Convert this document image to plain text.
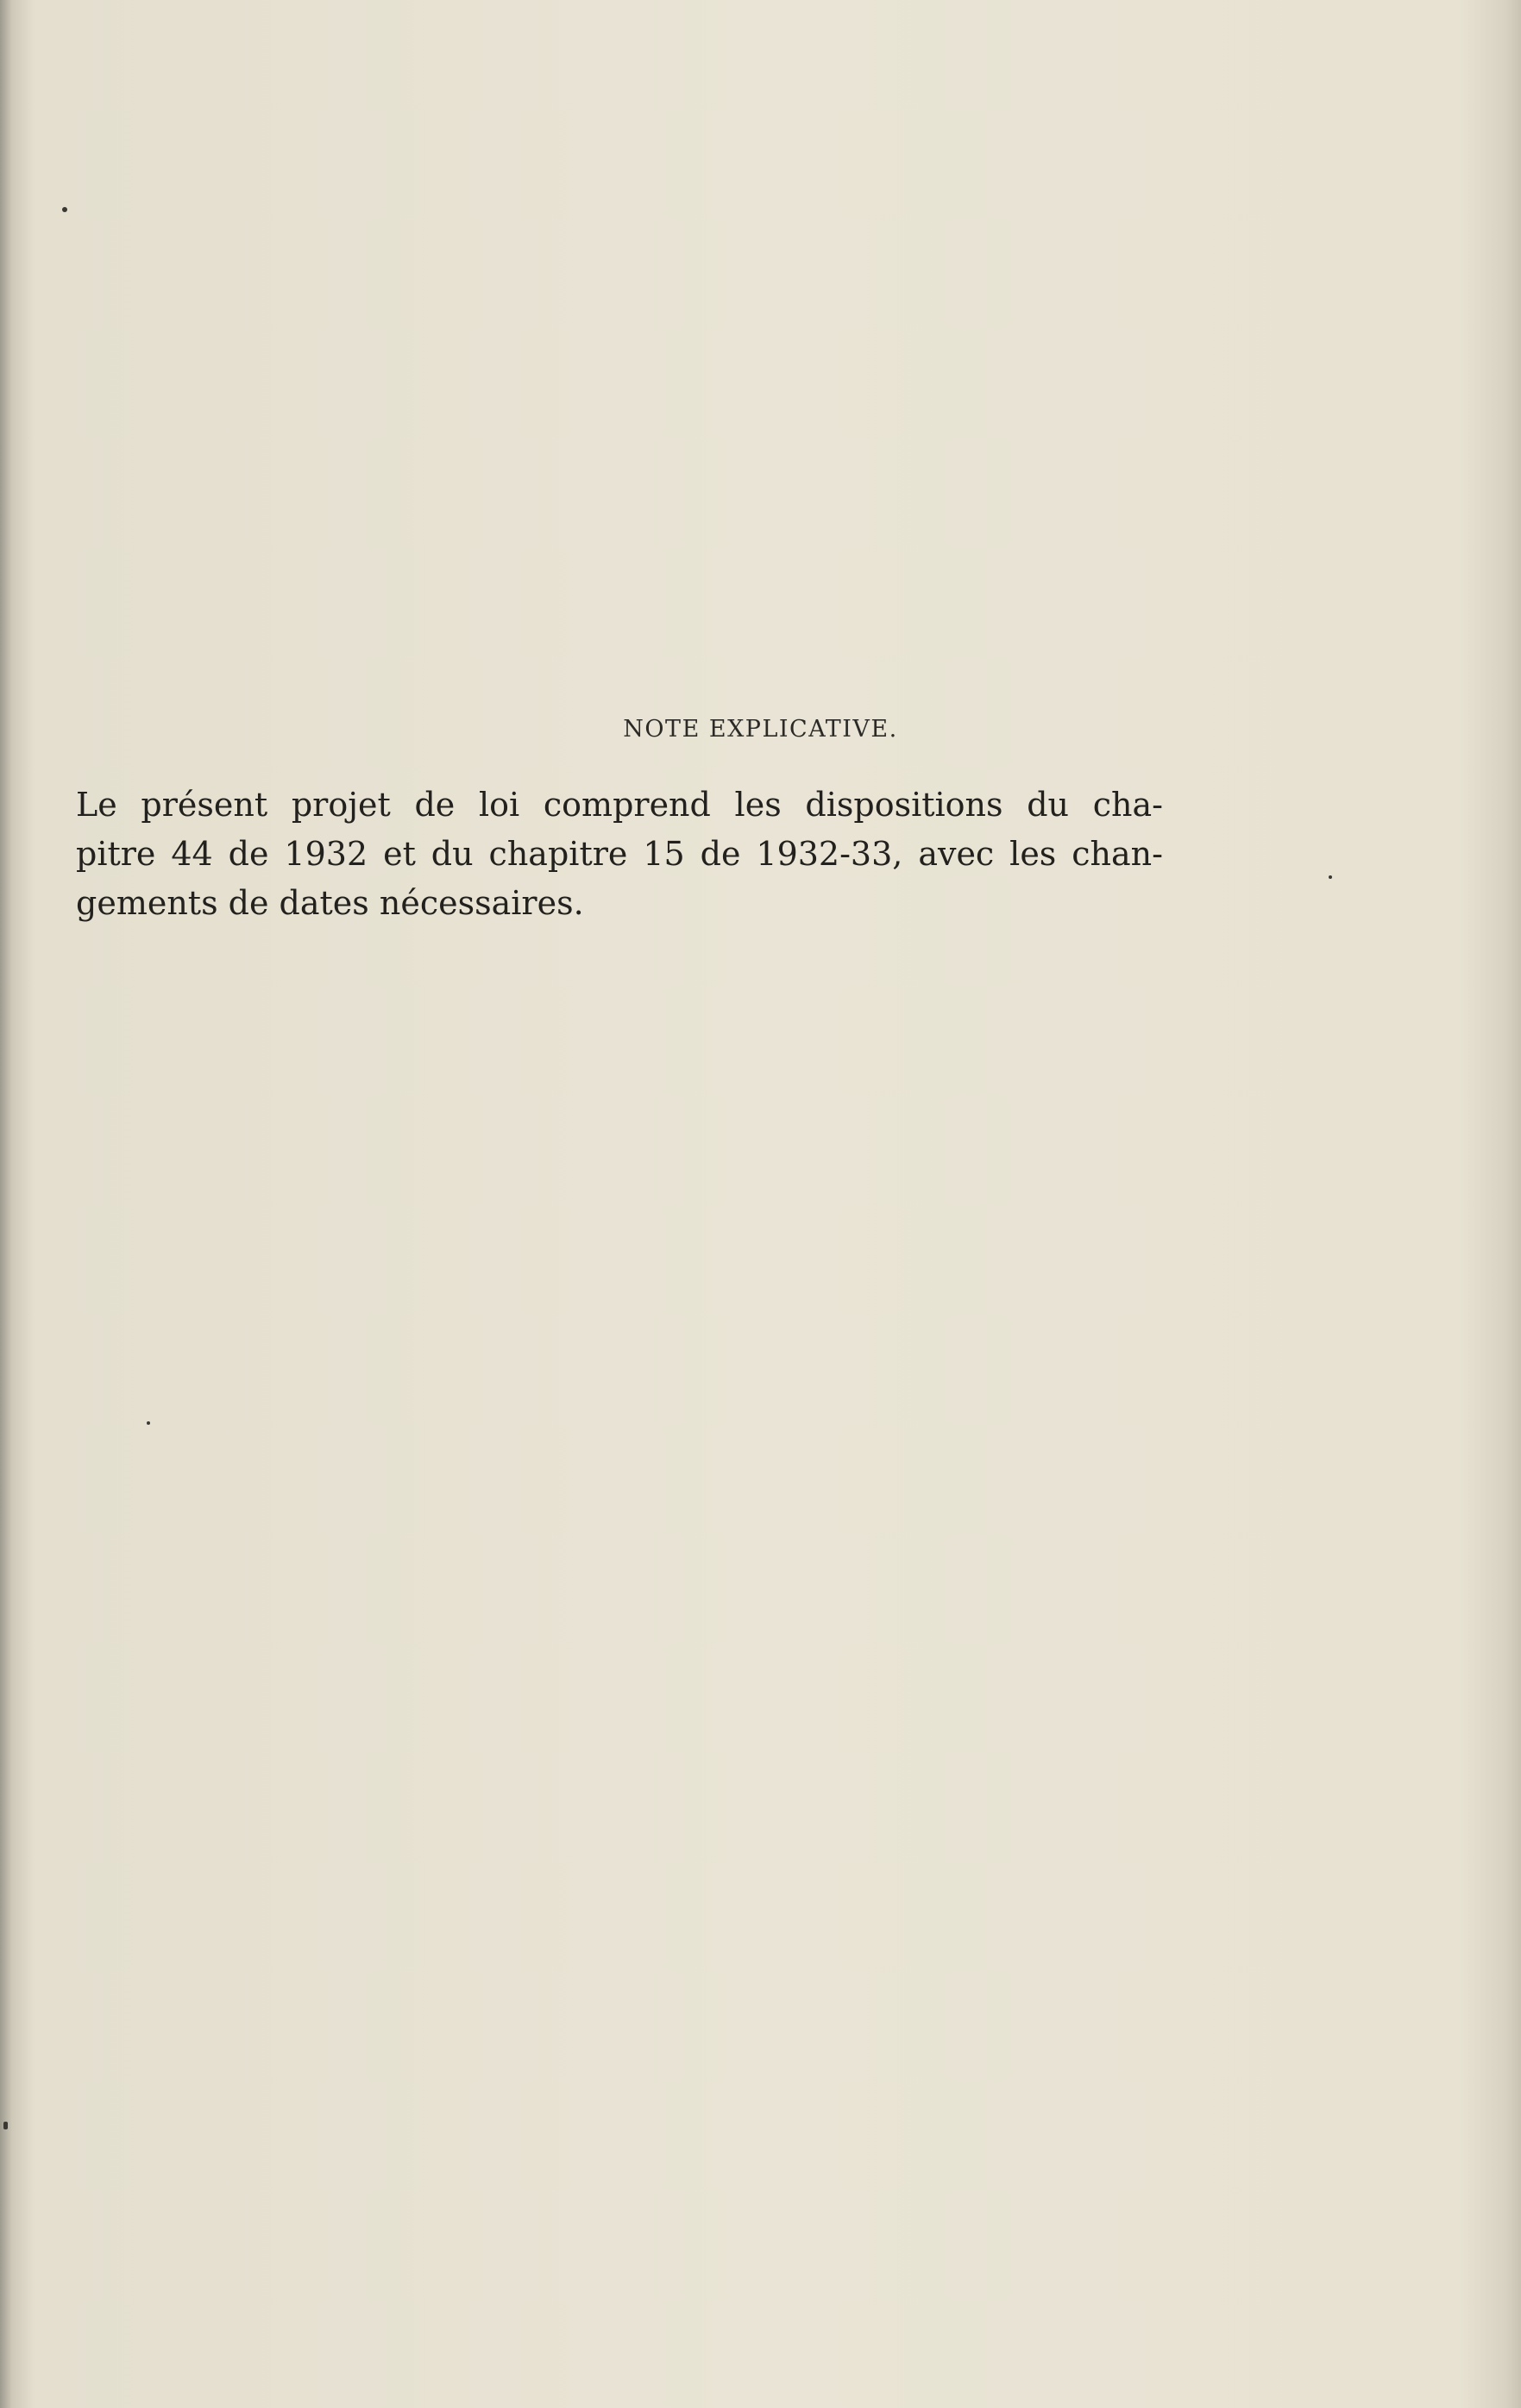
NOTE EXPLICATIVE.

Le présent projet de loi comprend les dispositions du cha-
pitre 44 de 1932 et du chapitre 15 de 1932-33, avec les chan-
gements de dates nécessaires.
